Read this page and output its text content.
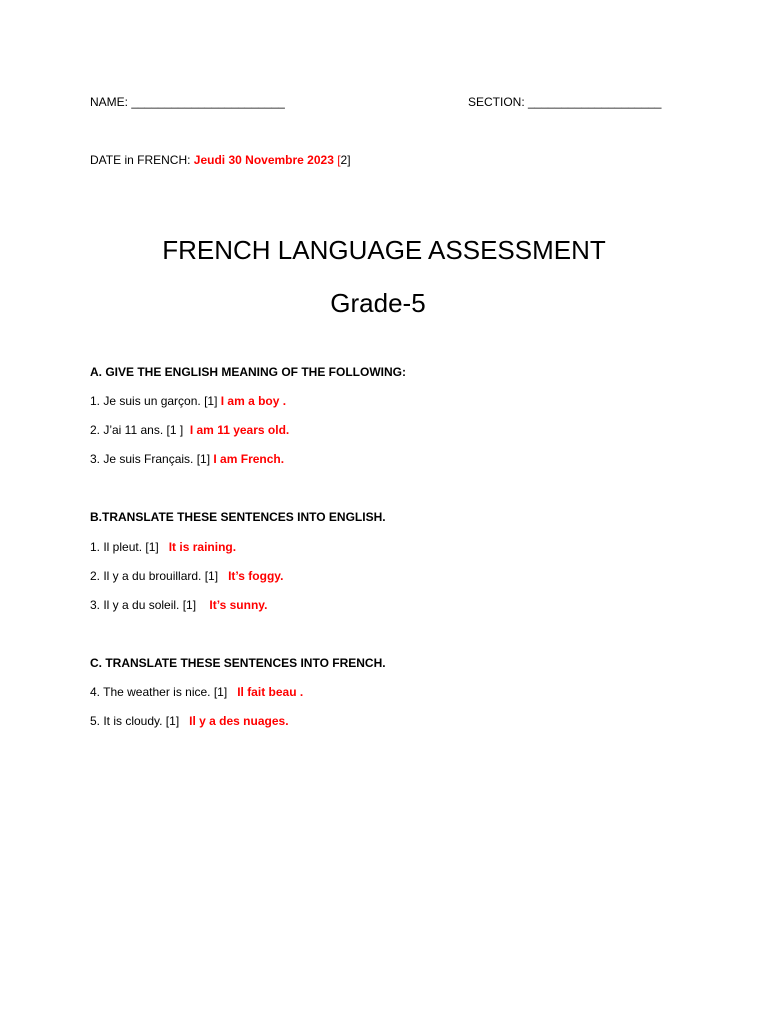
NAME: _______________________	SECTION: ____________________
DATE in FRENCH: Jeudi 30 Novembre 2023 [2]
FRENCH LANGUAGE ASSESSMENT
Grade-5
A. GIVE THE ENGLISH MEANING OF THE FOLLOWING:
1. Je suis un garçon. [1] I am a boy .
2. J’ai 11 ans. [1 ]  I am 11 years old.
3. Je suis Français. [1] I am French.
B.TRANSLATE THESE SENTENCES INTO ENGLISH.
1. Il pleut. [1]   It is raining.
2. Il y a du brouillard. [1]   It’s foggy.
3. Il y a du soleil. [1]    It’s sunny.
C. TRANSLATE THESE SENTENCES INTO FRENCH.
4. The weather is nice. [1]   Il fait beau .
5. It is cloudy. [1]   Il y a des nuages.
